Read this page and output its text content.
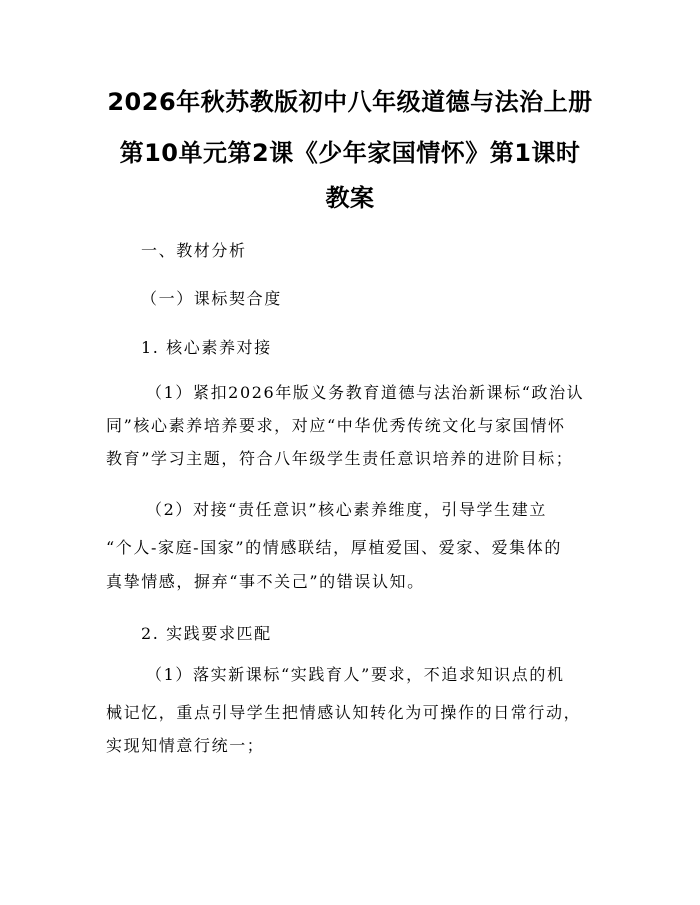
2026年秋苏教版初中八年级道德与法治上册
第10单元第2课《少年家国情怀》第1课时
教案
一、教材分析
（一）课标契合度
1. 核心素养对接
（1）紧扣2026年版义务教育道德与法治新课标“政治认
同”核心素养培养要求，对应“中华优秀传统文化与家国情怀
教育”学习主题，符合八年级学生责任意识培养的进阶目标；
（2）对接“责任意识”核心素养维度，引导学生建立
“个人-家庭-国家”的情感联结，厚植爱国、爱家、爱集体的
真挚情感，摒弃“事不关己”的错误认知。
2. 实践要求匹配
（1）落实新课标“实践育人”要求，不追求知识点的机
械记忆，重点引导学生把情感认知转化为可操作的日常行动，
实现知情意行统一；
